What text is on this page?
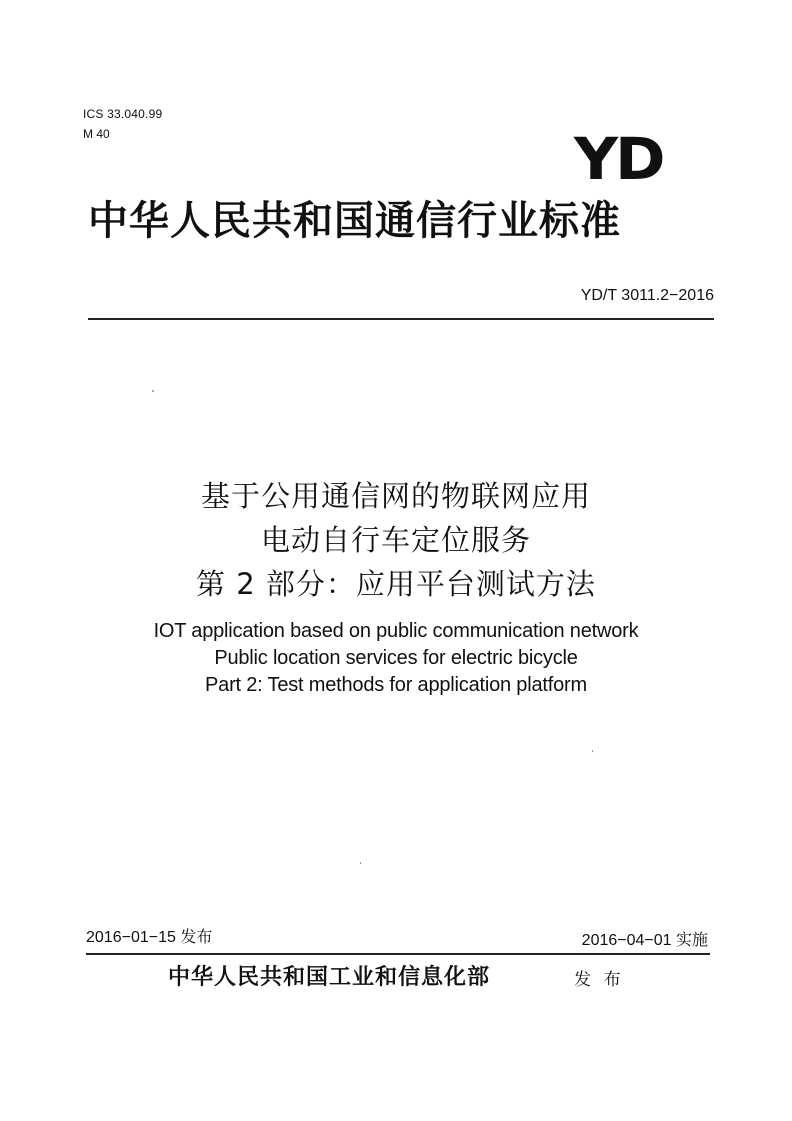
ICS 33.040.99
M 40	YD
中华人民共和国通信行业标准
YD/T 3011.2−2016
基于公用通信网的物联网应用
电动自行车定位服务
第 2 部分：应用平台测试方法
IOT application based on public communication network
Public location services for electric bicycle
Part 2: Test methods for application platform
2016−01−15 发布	2016−04−01 实施
中华人民共和国工业和信息化部	发 布
